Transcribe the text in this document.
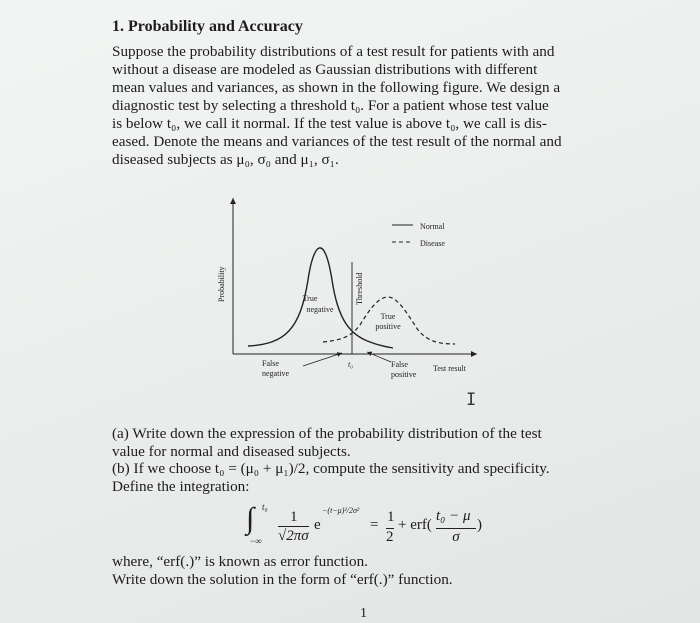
1. Probability and Accuracy
Suppose the probability distributions of a test result for patients with and
without a disease are modeled as Gaussian distributions with different
mean values and variances, as shown in the following figure. We design a
diagnostic test by selecting a threshold t₀. For a patient whose test value
is below t₀, we call it normal. If the test value is above t₀, we call is dis-
eased. Denote the means and variances of the test result of the normal and
diseased subjects as μ₀, σ₀ and μ₁, σ₁.
Normal
Disease
Probability	Threshold
True
negative
True
positive
False
negative
False
positive
t₀	Test result
I
(a) Write down the expression of the probability distribution of the test
value for normal and diseased subjects.
(b) If we choose t₀ = (μ₀ + μ₁)/2, compute the sensitivity and specificity.
Define the integration:
∫ t₀
−∞
1
√2πσ
e
−(t−μ)²/2σ²
= 1
2
+ erf(
t₀ − μ
σ
)
where, “erf(.)” is known as error function.
Write down the solution in the form of “erf(.)” function.
1
